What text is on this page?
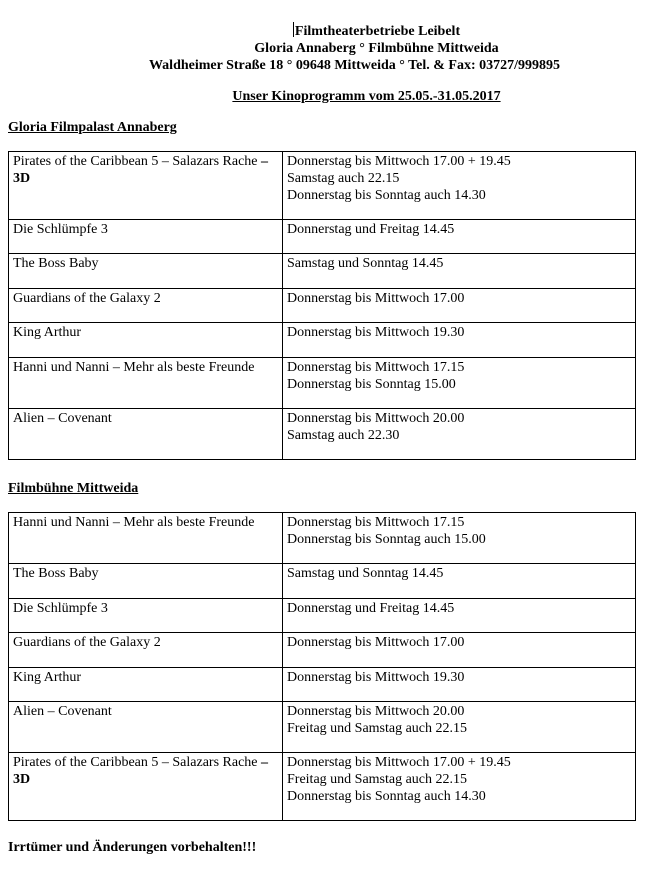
Filmtheaterbetriebe Leibelt
Gloria Annaberg ° Filmbühne Mittweida
Waldheimer Straße 18 ° 09648 Mittweida ° Tel. & Fax: 03727/999895
Unser Kinoprogramm vom 25.05.-31.05.2017
Gloria Filmpalast Annaberg
Pirates of the Caribbean 5 – Salazars Rache – 3D	Donnerstag bis Mittwoch 17.00 + 19.45
Samstag auch 22.15
Donnerstag bis Sonntag auch 14.30

Die Schlümpfe 3	Donnerstag und Freitag 14.45

The Boss Baby	Samstag und Sonntag 14.45

Guardians of the Galaxy 2	Donnerstag bis Mittwoch 17.00

King Arthur	Donnerstag bis Mittwoch 19.30

Hanni und Nanni – Mehr als beste Freunde	Donnerstag bis Mittwoch 17.15
Donnerstag bis Sonntag 15.00

Alien – Covenant	Donnerstag bis Mittwoch 20.00
Samstag auch 22.30
Filmbühne Mittweida
Hanni und Nanni – Mehr als beste Freunde	Donnerstag bis Mittwoch 17.15
Donnerstag bis Sonntag auch 15.00

The Boss Baby	Samstag und Sonntag 14.45

Die Schlümpfe 3	Donnerstag und Freitag 14.45

Guardians of the Galaxy 2	Donnerstag bis Mittwoch 17.00

King Arthur	Donnerstag bis Mittwoch 19.30

Alien – Covenant	Donnerstag bis Mittwoch 20.00
Freitag und Samstag auch 22.15

Pirates of the Caribbean 5 – Salazars Rache – 3D	Donnerstag bis Mittwoch 17.00 + 19.45
Freitag und Samstag auch 22.15
Donnerstag bis Sonntag auch 14.30
Irrtümer und Änderungen vorbehalten!!!
